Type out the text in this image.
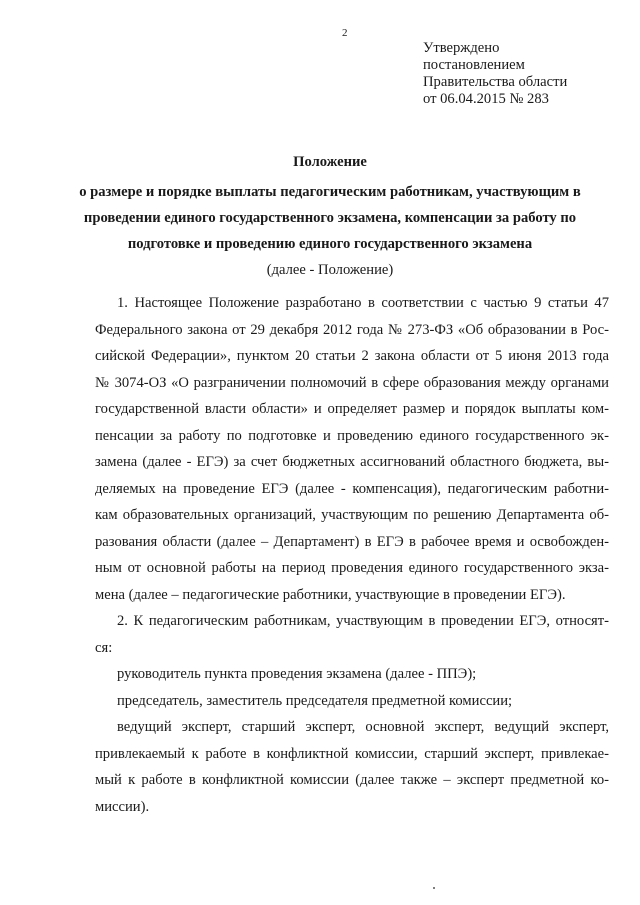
2
Утверждено
постановлением
Правительства области
от 06.04.2015 № 283
Положение
о размере и порядке выплаты педагогическим работникам, участвующим в
проведении единого государственного экзамена, компенсации за работу по
подготовке и проведению единого государственного экзамена
(далее - Положение)
1. Настоящее Положение разработано в соответствии с частью 9 статьи 47
Федерального закона от 29 декабря 2012 года № 273-ФЗ «Об образовании в Рос-
сийской Федерации», пунктом 20 статьи 2 закона области от 5 июня 2013 года
№ 3074-ОЗ «О разграничении полномочий в сфере образования между органами
государственной власти области» и определяет размер и порядок выплаты ком-
пенсации за работу по подготовке и проведению единого государственного эк-
замена (далее - ЕГЭ) за счет бюджетных ассигнований областного бюджета, вы-
деляемых на проведение ЕГЭ (далее - компенсация), педагогическим работни-
кам образовательных организаций, участвующим по решению Департамента об-
разования области (далее – Департамент) в ЕГЭ в рабочее время и освобожден-
ным от основной работы на период проведения единого государственного экза-
мена (далее – педагогические работники, участвующие в проведении ЕГЭ).
2. К педагогическим работникам, участвующим в проведении ЕГЭ, относят-
ся:
руководитель пункта проведения экзамена (далее - ППЭ);
председатель, заместитель председателя предметной комиссии;
ведущий эксперт, старший эксперт, основной эксперт, ведущий эксперт,
привлекаемый к работе в конфликтной комиссии, старший эксперт, привлекае-
мый к работе в конфликтной комиссии (далее также – эксперт предметной ко-
миссии).
